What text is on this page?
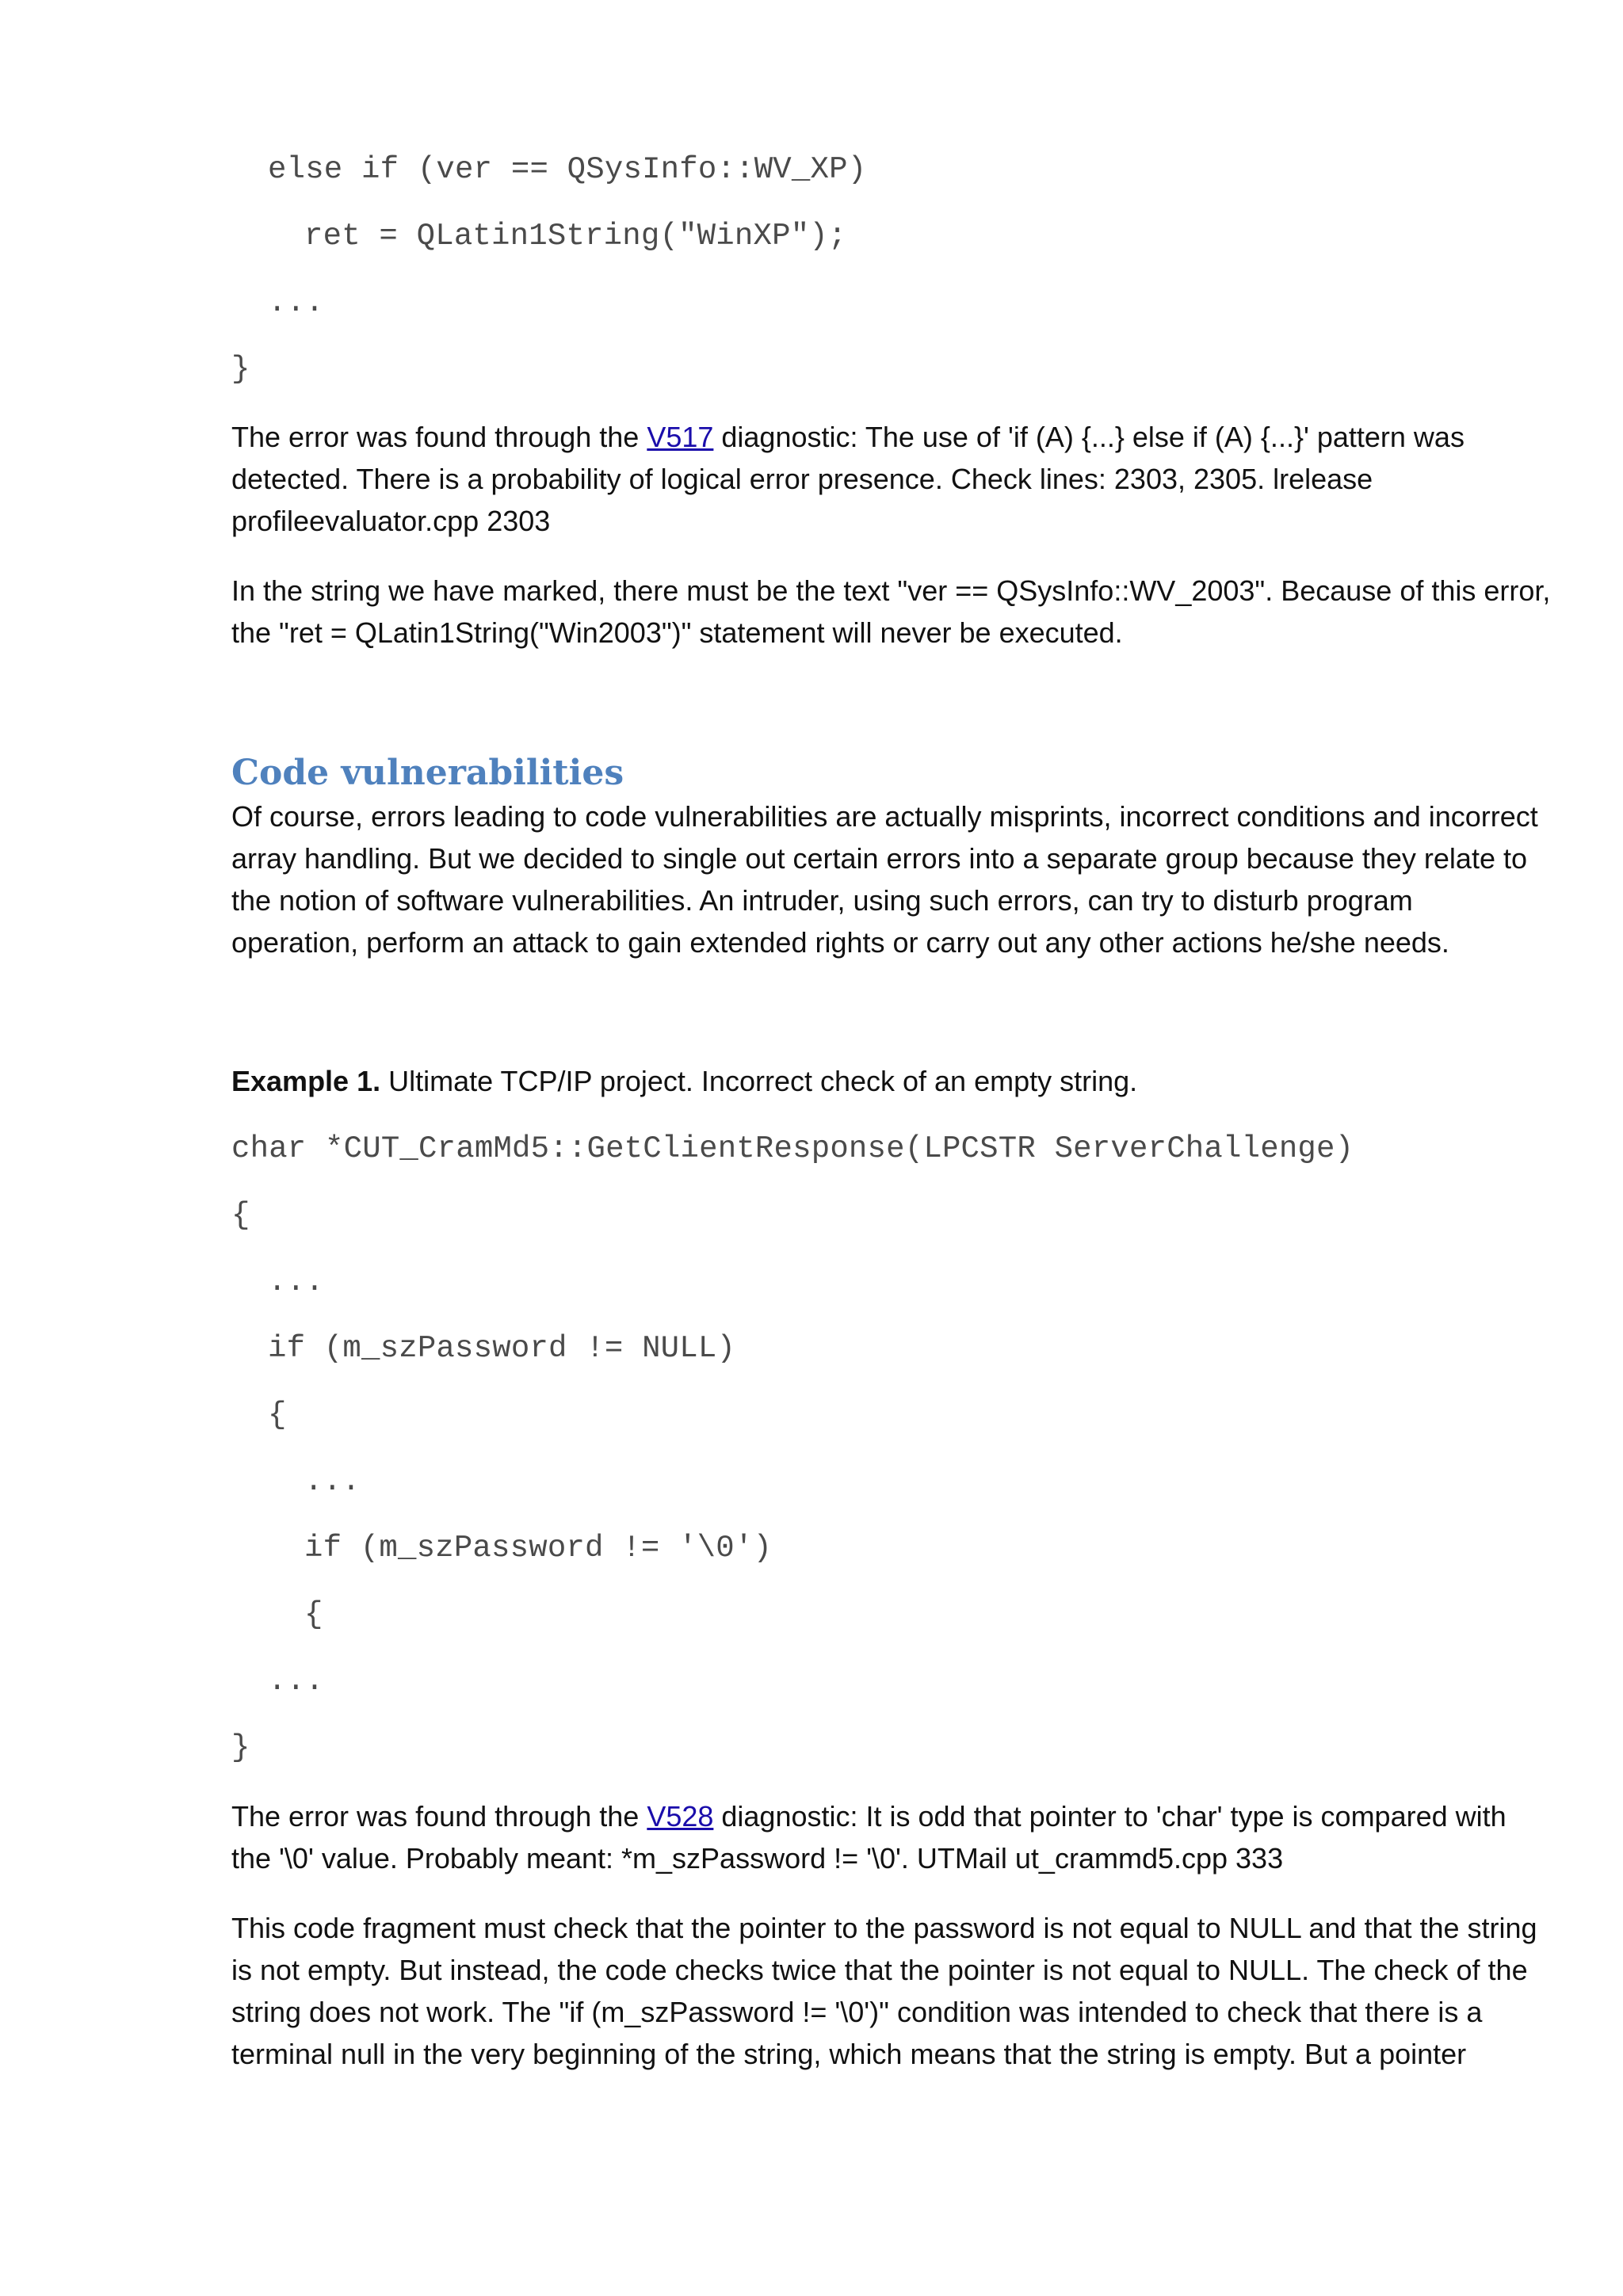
else if (ver == QSysInfo::WV_XP)
ret = QLatin1String("WinXP");
...
}
The error was found through the V517 diagnostic: The use of 'if (A) {...} else if (A) {...}' pattern was
detected. There is a probability of logical error presence. Check lines: 2303, 2305. lrelease
profileevaluator.cpp 2303
In the string we have marked, there must be the text "ver == QSysInfo::WV_2003". Because of this error,
the "ret = QLatin1String("Win2003")" statement will never be executed.
Code vulnerabilities
Of course, errors leading to code vulnerabilities are actually misprints, incorrect conditions and incorrect
array handling. But we decided to single out certain errors into a separate group because they relate to
the notion of software vulnerabilities. An intruder, using such errors, can try to disturb program
operation, perform an attack to gain extended rights or carry out any other actions he/she needs.
Example 1. Ultimate TCP/IP project. Incorrect check of an empty string.
char *CUT_CramMd5::GetClientResponse(LPCSTR ServerChallenge)
{
...
if (m_szPassword != NULL)
{
...
if (m_szPassword != '\0')
{
...
}
The error was found through the V528 diagnostic: It is odd that pointer to 'char' type is compared with
the '\0' value. Probably meant: *m_szPassword != '\0'. UTMail ut_crammd5.cpp 333
This code fragment must check that the pointer to the password is not equal to NULL and that the string
is not empty. But instead, the code checks twice that the pointer is not equal to NULL. The check of the
string does not work. The "if (m_szPassword != '\0')" condition was intended to check that there is a
terminal null in the very beginning of the string, which means that the string is empty. But a pointer
